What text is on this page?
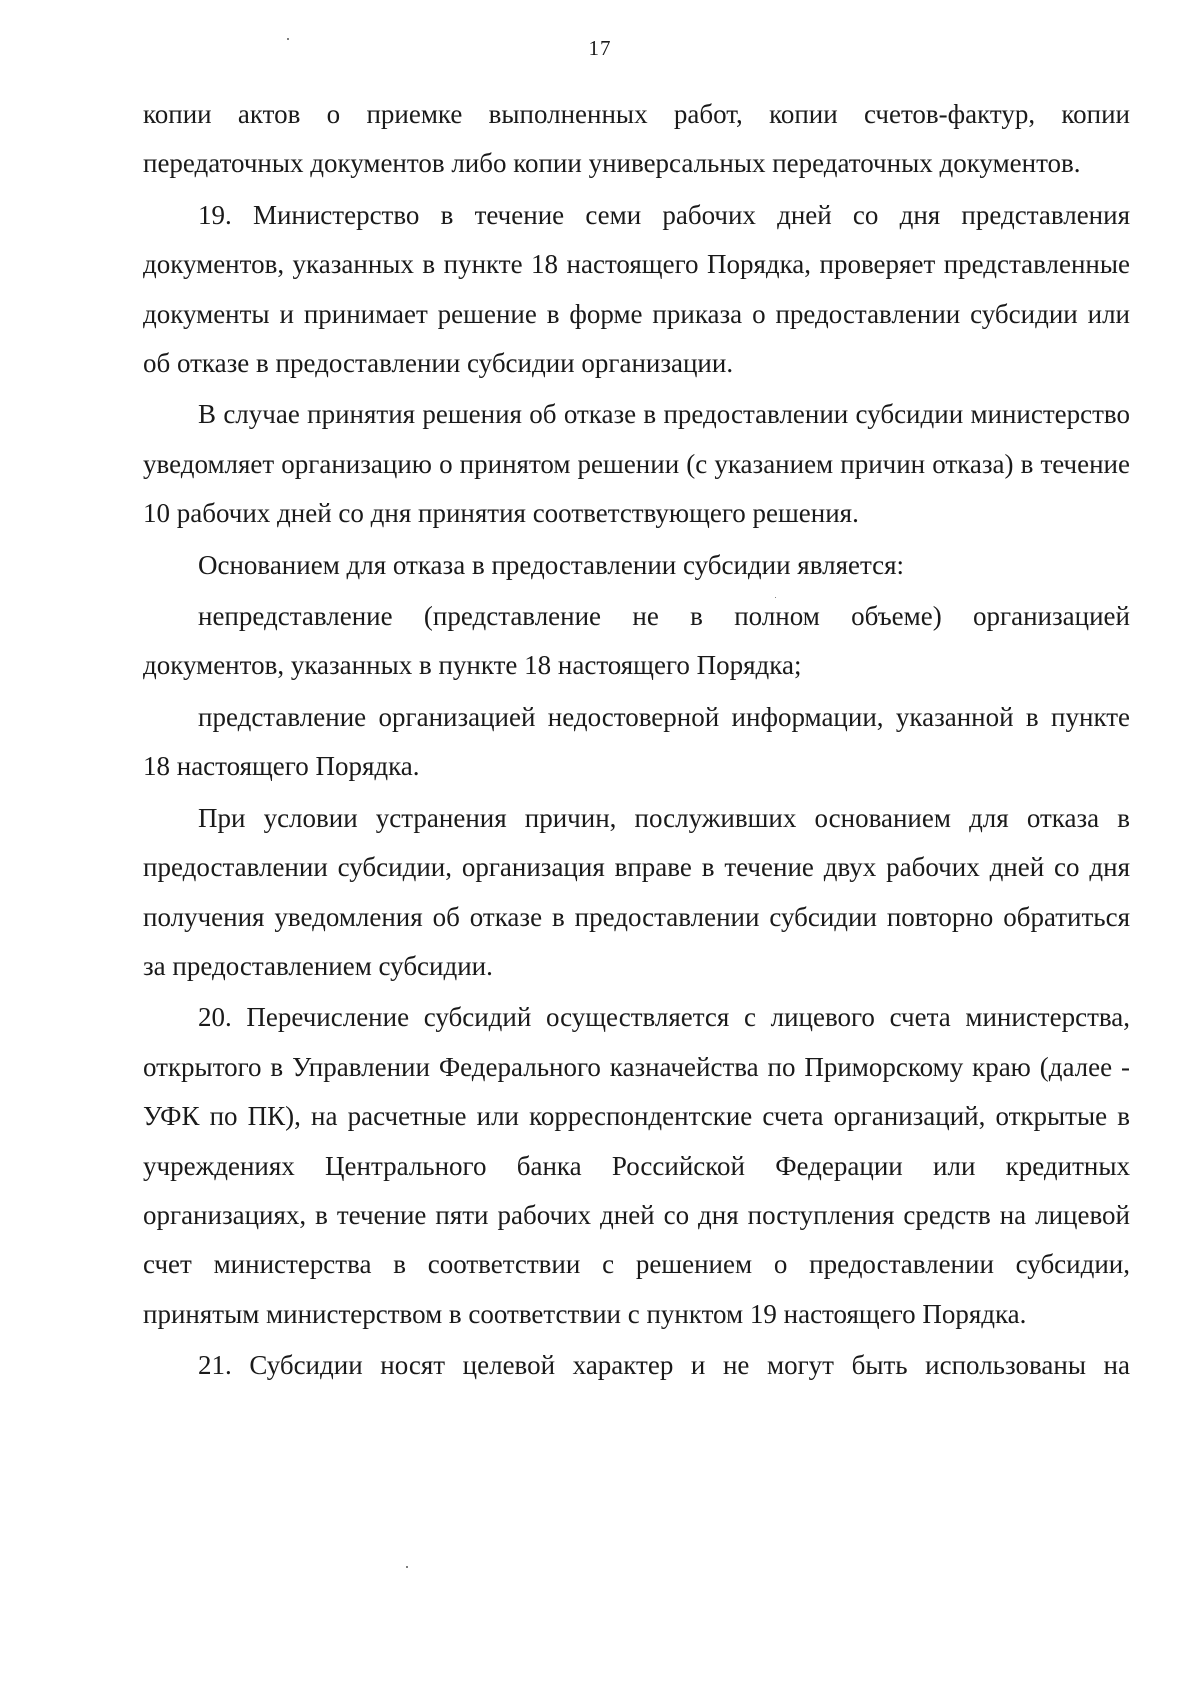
17

копии актов о приемке выполненных работ, копии счетов-фактур, копии передаточных документов либо копии универсальных передаточных документов.

19. Министерство в течение семи рабочих дней со дня представления документов, указанных в пункте 18 настоящего Порядка, проверяет представленные документы и принимает решение в форме приказа о предоставлении субсидии или об отказе в предоставлении субсидии организации.

В случае принятия решения об отказе в предоставлении субсидии министерство уведомляет организацию о принятом решении (с указанием причин отказа) в течение 10 рабочих дней со дня принятия соответствующего решения.

Основанием для отказа в предоставлении субсидии является:

непредставление (представление не в полном объеме) организацией документов, указанных в пункте 18 настоящего Порядка;

представление организацией недостоверной информации, указанной в пункте 18 настоящего Порядка.

При условии устранения причин, послуживших основанием для отказа в предоставлении субсидии, организация вправе в течение двух рабочих дней со дня получения уведомления об отказе в предоставлении субсидии повторно обратиться за предоставлением субсидии.

20. Перечисление субсидий осуществляется с лицевого счета министерства, открытого в Управлении Федерального казначейства по Приморскому краю (далее - УФК по ПК), на расчетные или корреспондентские счета организаций, открытые в учреждениях Центрального банка Российской Федерации или кредитных организациях, в течение пяти рабочих дней со дня поступления средств на лицевой счет министерства в соответствии с решением о предоставлении субсидии, принятым министерством в соответствии с пунктом 19 настоящего Порядка.

21. Субсидии носят целевой характер и не могут быть использованы на
